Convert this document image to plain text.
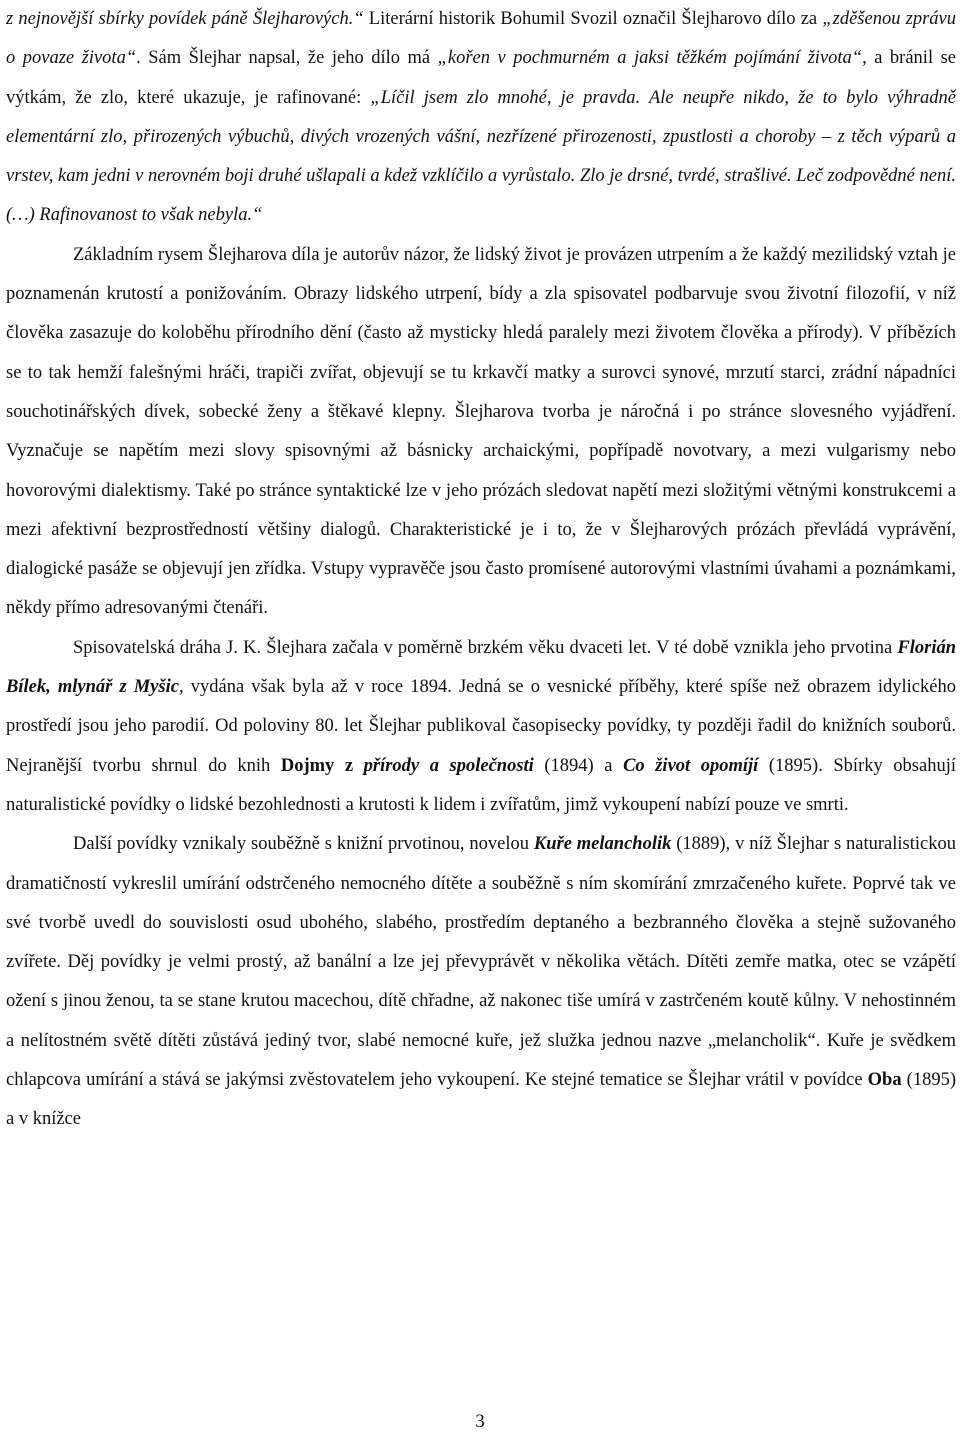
z nejnovější sbírky povídek páně Šlejharových.“ Literární historik Bohumil Svozil označil Šlejharovo dílo za „zděšenou zprávu o povaze života“. Sám Šlejhar napsal, že jeho dílo má „kořen v pochmurném a jaksi těžkém pojímání života“, a bránil se výtkám, že zlo, které ukazuje, je rafinované: „Líčil jsem zlo mnohé, je pravda. Ale neupře nikdo, že to bylo výhradně elementární zlo, přirozených výbuchů, divých vrozených vášní, nezřízené přirozenosti, zpustlosti a choroby – z těch výparů a vrstev, kam jedni v nerovném boji druhé ušlapali a kdež vzklíčilo a vyrůstalo. Zlo je drsné, tvrdé, strašlivé. Leč zodpovědné není. (…) Rafinovanost to však nebyla.“

Základním rysem Šlejharova díla je autorův názor, že lidský život je provázen utrpením a že každý mezilidský vztah je poznamenán krutostí a ponižováním. Obrazy lidského utrpení, bídy a zla spisovatel podbarvuje svou životní filozofií, v níž člověka zasazuje do koloběhu přírodního dění (často až mysticky hledá paralely mezi životem člověka a přírody). V příbězích se to tak hemží falešnými hráči, trapiči zvířat, objevují se tu krkavčí matky a surovci synové, mrzutí starci, zrádní nápadníci souchotinářských dívek, sobecké ženy a štěkavé klepny. Šlejharova tvorba je náročná i po stránce slovesného vyjádření. Vyznačuje se napětím mezi slovy spisovnými až básnicky archaickými, popřípadě novotvary, a mezi vulgarismy nebo hovorovými dialektismy. Také po stránce syntaktické lze v jeho prózách sledovat napětí mezi složitými větnými konstrukcemi a mezi afektivní bezprostředností většiny dialogů. Charakteristické je i to, že v Šlejharových prózách převládá vyprávění, dialogické pasáže se objevují jen zřídka. Vstupy vypravěče jsou často promísené autorovými vlastními úvahami a poznámkami, někdy přímo adresovanými čtenáři.

Spisovatelská dráha J. K. Šlejhara začala v poměrně brzkém věku dvaceti let. V té době vznikla jeho prvotina Florián Bílek, mlynář z Myšic, vydána však byla až v roce 1894. Jedná se o vesnické příběhy, které spíše než obrazem idylického prostředí jsou jeho parodií. Od poloviny 80. let Šlejhar publikoval časopisecky povídky, ty později řadil do knižních souborů. Nejranější tvorbu shrnul do knih Dojmy z přírody a společnosti (1894) a Co život opomíjí (1895). Sbírky obsahují naturalistické povídky o lidské bezohlednosti a krutosti k lidem i zvířatům, jimž vykoupení nabízí pouze ve smrti.

Další povídky vznikaly souběžně s knižní prvotinou, novelou Kuře melancholik (1889), v níž Šlejhar s naturalistickou dramatičností vykreslil umírání odstrčeného nemocného dítěte a souběžně s ním skomírání zmrzačeného kuřete. Poprvé tak ve své tvorbě uvedl do souvislosti osud ubohého, slabého, prostředím deptaného a bezbranného člověka a stejně sužovaného zvířete. Děj povídky je velmi prostý, až banální a lze jej převyprávět v několika větách. Dítěti zemře matka, otec se vzápětí ožení s jinou ženou, ta se stane krutou macechou, dítě chřadne, až nakonec tiše umírá v zastrčeném koutě kůlny. V nehostinném a nelítostném světě dítěti zůstává jediný tvor, slabé nemocné kuře, jež služka jednou nazve „melancholik“. Kuře je svědkem chlapcova umírání a stává se jakýmsi zvěstovatelem jeho vykoupení. Ke stejné tematice se Šlejhar vrátil v povídce Oba (1895) a v knížce

3
